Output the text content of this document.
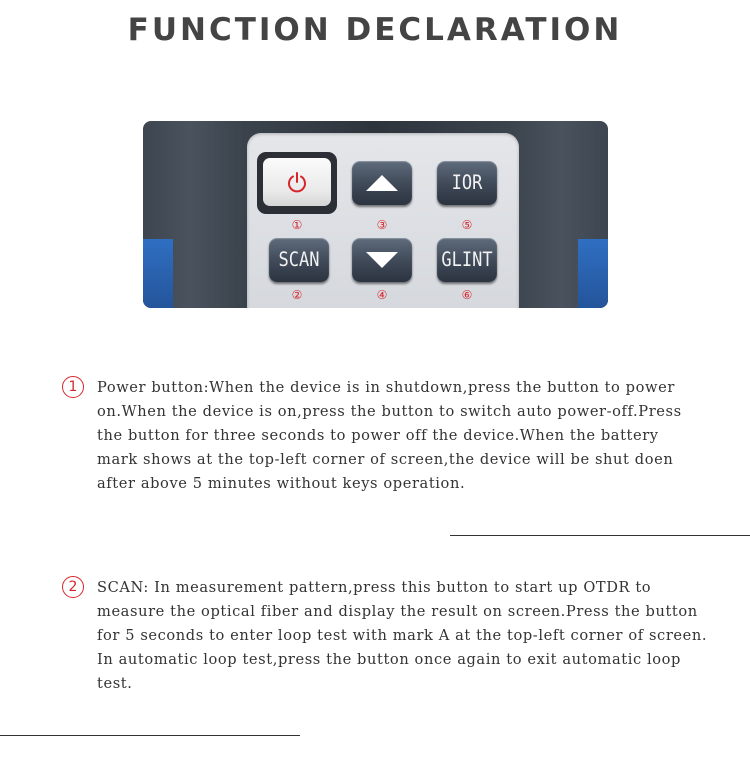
FUNCTION DECLARATION
①	③
IOR
⑤
SCAN
②	④
GLINT
⑥
1	Power button:When the device is in shutdown,press the button to power
on.When the device is on,press the button to switch auto power-off.Press
the button for three seconds to power off the device.When the battery
mark shows at the top-left corner of screen,the device will be shut doen
after above 5 minutes without keys operation.
2	SCAN: In measurement pattern,press this button to start up OTDR to
measure the optical fiber and display the result on screen.Press the button
for 5 seconds to enter loop test with mark A at the top-left corner of screen.
In automatic loop test,press the button once again to exit automatic loop
test.
